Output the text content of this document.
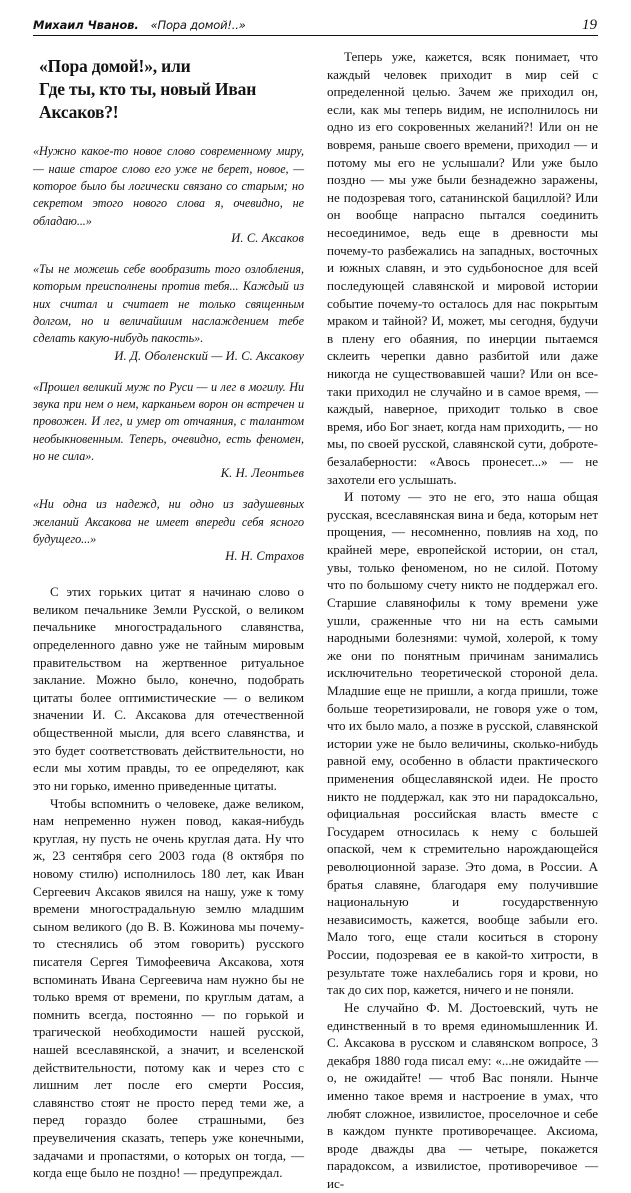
Михаил Чванов. «Пора домой!..»	19
«Пора домой!», или
Где ты, кто ты, новый Иван Аксаков?!

«Нужно какое-то новое слово современному миру, — наше старое слово его уже не берет, новое, — которое было бы логически связано со старым; но секретом этого нового слова я, очевидно, не обладаю...»

И. С. Аксаков

«Ты не можешь себе вообразить того озлобления, которым преисполнены против тебя... Каждый из них считал и считает не только священным долгом, но и величайшим наслаждением тебе сделать какую-нибудь пакость».

И. Д. Оболенский — И. С. Аксакову

«Прошел великий муж по Руси — и лег в могилу. Ни звука при нем о нем, карканьем ворон он встречен и провожен. И лег, и умер от отчаяния, с талантом необыкновенным. Теперь, очевидно, есть феномен, но не сила».

К. Н. Леонтьев

«Ни одна из надежд, ни одно из задушевных желаний Аксакова не имеет впереди себя ясного будущего...»

Н. Н. Страхов

С этих горьких цитат я начинаю слово о великом печальнике Земли Русской, о великом печальнике многострадального славянства, определенного давно уже не тайным мировым правительством на жертвенное ритуальное заклание. Можно было, конечно, подобрать цитаты более оптимистические — о великом значении И. С. Аксакова для отечественной общественной мысли, для всего славянства, и это будет соответствовать действительности, но если мы хотим правды, то ее определяют, как это ни горько, именно приведенные цитаты.

Чтобы вспомнить о человеке, даже великом, нам непременно нужен повод, какая-нибудь круглая, ну пусть не очень круглая дата. Ну что ж, 23 сентября сего 2003 года (8 октября по новому стилю) исполнилось 180 лет, как Иван Сергеевич Аксаков явился на нашу, уже к тому времени многострадальную землю младшим сыном великого (до В. В. Кожинова мы почему-то стеснялись об этом говорить) русского писателя Сергея Тимофеевича Аксакова, хотя вспоминать Ивана Сергеевича нам нужно бы не только время от времени, по круглым датам, а помнить всегда, постоянно — по горькой и трагической необходимости нашей русской, нашей всеславянской, а значит, и вселенской действительности, потому как и через сто с лишним лет после его смерти Россия, славянство стоят не просто перед теми же, а перед гораздо более страшными, без преувеличения сказать, теперь уже конечными, задачами и пропастями, о которых он тогда, — когда еще было не поздно! — предупреждал.

Теперь уже, кажется, всяк понимает, что каждый человек приходит в мир сей с определенной целью. Зачем же приходил он, если, как мы теперь видим, не исполнилось ни одно из его сокровенных желаний?! Или он не вовремя, раньше своего времени, приходил — и потому мы его не услышали? Или уже было поздно — мы уже были безнадежно заражены, не подозревая того, сатанинской бациллой? Или он вообще напрасно пытался соединить несоединимое, ведь еще в древности мы почему-то разбежались на западных, восточных и южных славян, и это судьбоносное для всей последующей славянской и мировой истории событие почему-то осталось для нас покрытым мраком и тайной? И, может, мы сегодня, будучи в плену его обаяния, по инерции пытаемся склеить черепки давно разбитой или даже никогда не существовавшей чаши? Или он все-таки приходил не случайно и в самое время, — каждый, наверное, приходит только в свое время, ибо Бог знает, когда нам приходить, — но мы, по своей русской, славянской сути, доброте-безалаберности: «Авось пронесет...» — не захотели его услышать.

И потому — это не его, это наша общая русская, всеславянская вина и беда, которым нет прощения, — несомненно, повлияв на ход, по крайней мере, европейской истории, он стал, увы, только феноменом, но не силой. Потому что по большому счету никто не поддержал его. Старшие славянофилы к тому времени уже ушли, сраженные что ни на есть самыми народными болезнями: чумой, холерой, к тому же они по понятным причинам занимались исключительно теоретической стороной дела. Младшие еще не пришли, а когда пришли, тоже больше теоретизировали, не говоря уже о том, что их было мало, а позже в русской, славянской истории уже не было величины, сколько-нибудь равной ему, особенно в области практического применения общеславянской идеи. Не просто никто не поддержал, как это ни парадоксально, официальная российская власть вместе с Государем относилась к нему с большей опаской, чем к стремительно нарождающейся революционной заразе. Это дома, в России. А братья славяне, благодаря ему получившие национальную и государственную независимость, кажется, вообще забыли его. Мало того, еще стали коситься в сторону России, подозревая ее в какой-то хитрости, в результате тоже нахлебались горя и крови, но так до сих пор, кажется, ничего и не поняли.

Не случайно Ф. М. Достоевский, чуть не единственный в то время единомышленник И. С. Аксакова в русском и славянском вопросе, 3 декабря 1880 года писал ему: «...не ожидайте — о, не ожидайте! — чтоб Вас поняли. Нынче именно такое время и настроение в умах, что любят сложное, извилистое, проселочное и себе в каждом пункте противоречащее. Аксиома, вроде дважды два — четыре, покажется парадоксом, а извилистое, противоречивое — ис-
